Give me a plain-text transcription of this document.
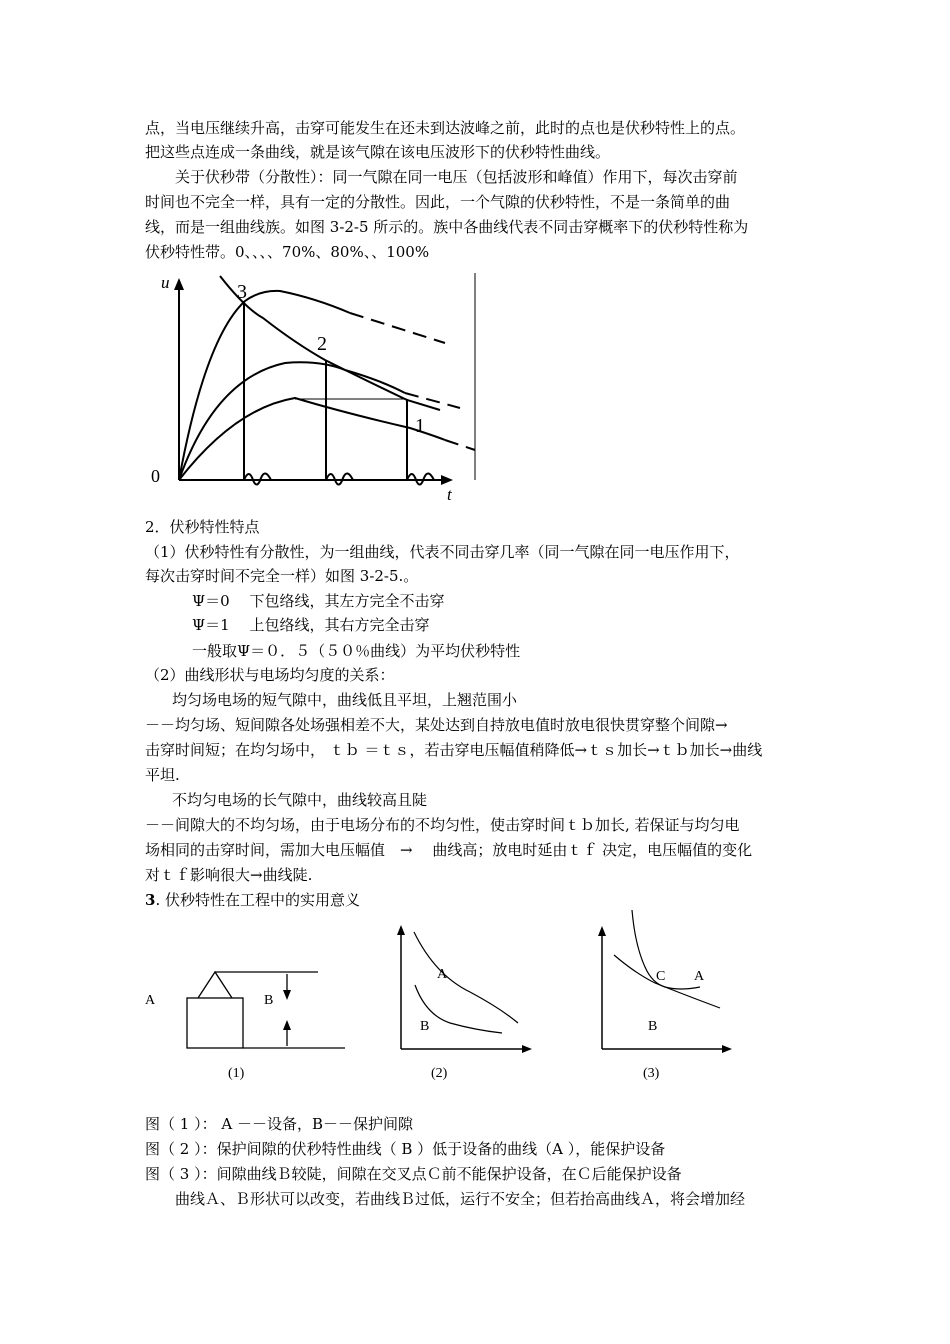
点，当电压继续升高，击穿可能发生在还未到达波峰之前，此时的点也是伏秒特性上的点。
把这些点连成一条曲线，就是该气隙在该电压波形下的伏秒特性曲线。
关于伏秒带（分散性）：同一气隙在同一电压（包括波形和峰值）作用下，每次击穿前
时间也不完全一样，具有一定的分散性。因此，一个气隙的伏秒特性，不是一条简单的曲
线，而是一组曲线族。如图 3-2-5 所示的。族中各曲线代表不同击穿概率下的伏秒特性称为
伏秒特性带。0、、、、70%、80%、、100%
u
t
0
3
2
1
2．伏秒特性特点
（1）伏秒特性有分散性，为一组曲线，代表不同击穿几率（同一气隙在同一电压作用下，
每次击穿时间不完全一样）如图 3-2-5.。
Ψ＝0　 下包络线，其左方完全不击穿
Ψ＝1　 上包络线，其右方完全击穿
一般取Ψ＝０．５（５０％曲线）为平均伏秒特性
（2）曲线形状与电场均匀度的关系：
均匀场电场的短气隙中，曲线低且平坦，上翘范围小
－－均匀场、短间隙各处场强相差不大，某处达到自持放电值时放电很快贯穿整个间隙→
击穿时间短；在均匀场中， ｔｂ ＝ｔｓ，若击穿电压幅值稍降低→ｔｓ加长→ｔｂ加长→曲线
平坦.
不均匀电场的长气隙中，曲线较高且陡
－－间隙大的不均匀场，由于电场分布的不均匀性，使击穿时间ｔｂ加长, 若保证与均匀电
场相同的击穿时间，需加大电压幅值　→　 曲线高；放电时延由ｔｆ 决定，电压幅值的变化
对ｔｆ影响很大→曲线陡.
3. 伏秒特性在工程中的实用意义
A	B
A
B
C A
B
(1)	(2)	(3)
图（ 1 ）： A －－设备，B－－保护间隙
图（ 2 ）：保护间隙的伏秒特性曲线（ B ）低于设备的曲线（A ），能保护设备
图（ 3 ）：间隙曲线Ｂ较陡，间隙在交叉点Ｃ前不能保护设备，在Ｃ后能保护设备
曲线Ａ、Ｂ形状可以改变，若曲线Ｂ过低，运行不安全；但若抬高曲线Ａ，将会增加经
